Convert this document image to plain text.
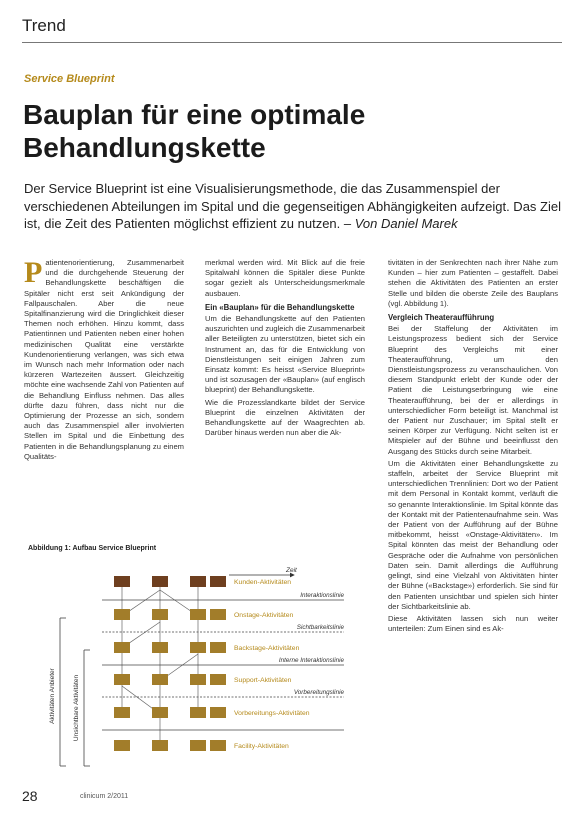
Trend
Service Blueprint
Bauplan für eine optimale Behandlungskette
Der Service Blueprint ist eine Visualisierungsmethode, die das Zusammenspiel der verschiedenen Abteilungen im Spital und die gegenseitigen Abhängigkeiten aufzeigt. Das Ziel ist, die Zeit des Patienten möglichst effizient zu nutzen. – Von Daniel Marek

Patientenorientierung, Zusammenarbeit und die durchgehende Steuerung der Behandlungskette beschäftigen die Spitäler nicht erst seit Ankündigung der Fallpauschalen. Aber die neue Spitalfinanzierung wird die Dringlichkeit dieser Themen noch erhöhen. Hinzu kommt, dass Patientinnen und Patienten neben einer hohen medizinischen Qualität eine verstärkte Kundenorientierung verlangen, was sich etwa im Wunsch nach mehr Information oder nach kürzeren Wartezeiten äussert. Gleichzeitig möchte eine wachsende Zahl von Patienten auf die Behandlung Einfluss nehmen. Das alles dürfte dazu führen, dass nicht nur die Optimierung der Prozesse an sich, sondern auch das Zusammenspiel aller involvierten Stellen im Spital und die Einbettung des Patienten in die Behandlungsplanung zu einem Qualitäts-

merkmal werden wird. Mit Blick auf die freie Spitalwahl können die Spitäler diese Punkte sogar gezielt als Unterscheidungsmerkmale ausbauen.

Ein «Bauplan» für die Behandlungskette

Um die Behandlungskette auf den Patienten auszurichten und zugleich die Zusammenarbeit aller Beteiligten zu unterstützen, bietet sich ein Instrument an, das für die Entwicklung von Dienstleistungen seit einigen Jahren zum Einsatz kommt: Es heisst «Service Blueprint» und ist sozusagen der «Bauplan» (auf englisch blueprint) der Behandlungskette.

Wie die Prozesslandkarte bildet der Service Blueprint die einzelnen Aktivitäten der Behandlungskette auf der Waagrechten ab. Darüber hinaus werden nun aber die Ak-

tivitäten in der Senkrechten nach ihrer Nähe zum Kunden – hier zum Patienten – gestaffelt. Dabei stehen die Aktivitäten des Patienten an erster Stelle und bilden die oberste Zeile des Bauplans (vgl. Abbildung 1).

Vergleich Theateraufführung

Bei der Staffelung der Aktivitäten im Leistungsprozess bedient sich der Service Blueprint des Vergleichs mit einer Theateraufführung, um den Dienstleistungsprozess zu veranschaulichen. Von diesem Standpunkt erlebt der Kunde oder der Patient die Leistungserbringung wie eine Theateraufführung, bei der er allerdings in unterschiedlicher Form beteiligt ist. Manchmal ist der Patient nur Zuschauer; im Spital stellt er seinen Körper zur Verfügung. Nicht selten ist er Mitspieler auf der Bühne und beeinflusst den Ausgang des Stücks durch seine Mitarbeit.

Um die Aktivitäten einer Behandlungskette zu staffeln, arbeitet der Service Blueprint mit unterschiedlichen Trennlinien: Dort wo der Patient mit dem Personal in Kontakt kommt, verläuft die so genannte Interaktionslinie. Im Spital könnte das der Kontakt mit der Patientenaufnahme sein. Was der Patient von der Aufführung auf der Bühne mitbekommt, heisst «Onstage-Aktivitäten». Im Spital könnten das meist der Behandlung oder Gespräche oder die Aufnahme von persönlichen Daten sein. Damit allerdings die Aufführung gelingt, sind eine Vielzahl von Aktivitäten hinter der Bühne («Backstage») erforderlich. Sie sind für den Patienten unsichtbar und spielen sich hinter der Sichtbarkeitslinie ab.

Diese Aktivitäten lassen sich nun weiter unterteilen: Zum Einen sind es Ak-

Abbildung 1: Aufbau Service Blueprint
Aktivitäten Anbieter	Unsichtbare Aktivitäten
Zeit
Interaktionslinie
Sichtbarkeitslinie
Interne Interaktionslinie
Vorbereitungslinie
Kunden-Aktivitäten
Onstage-Aktivitäten
Backstage-Aktivitäten
Support-Aktivitäten
Vorbereitungs-Aktivitäten
Facility-Aktivitäten
28	clinicum 2/2011
